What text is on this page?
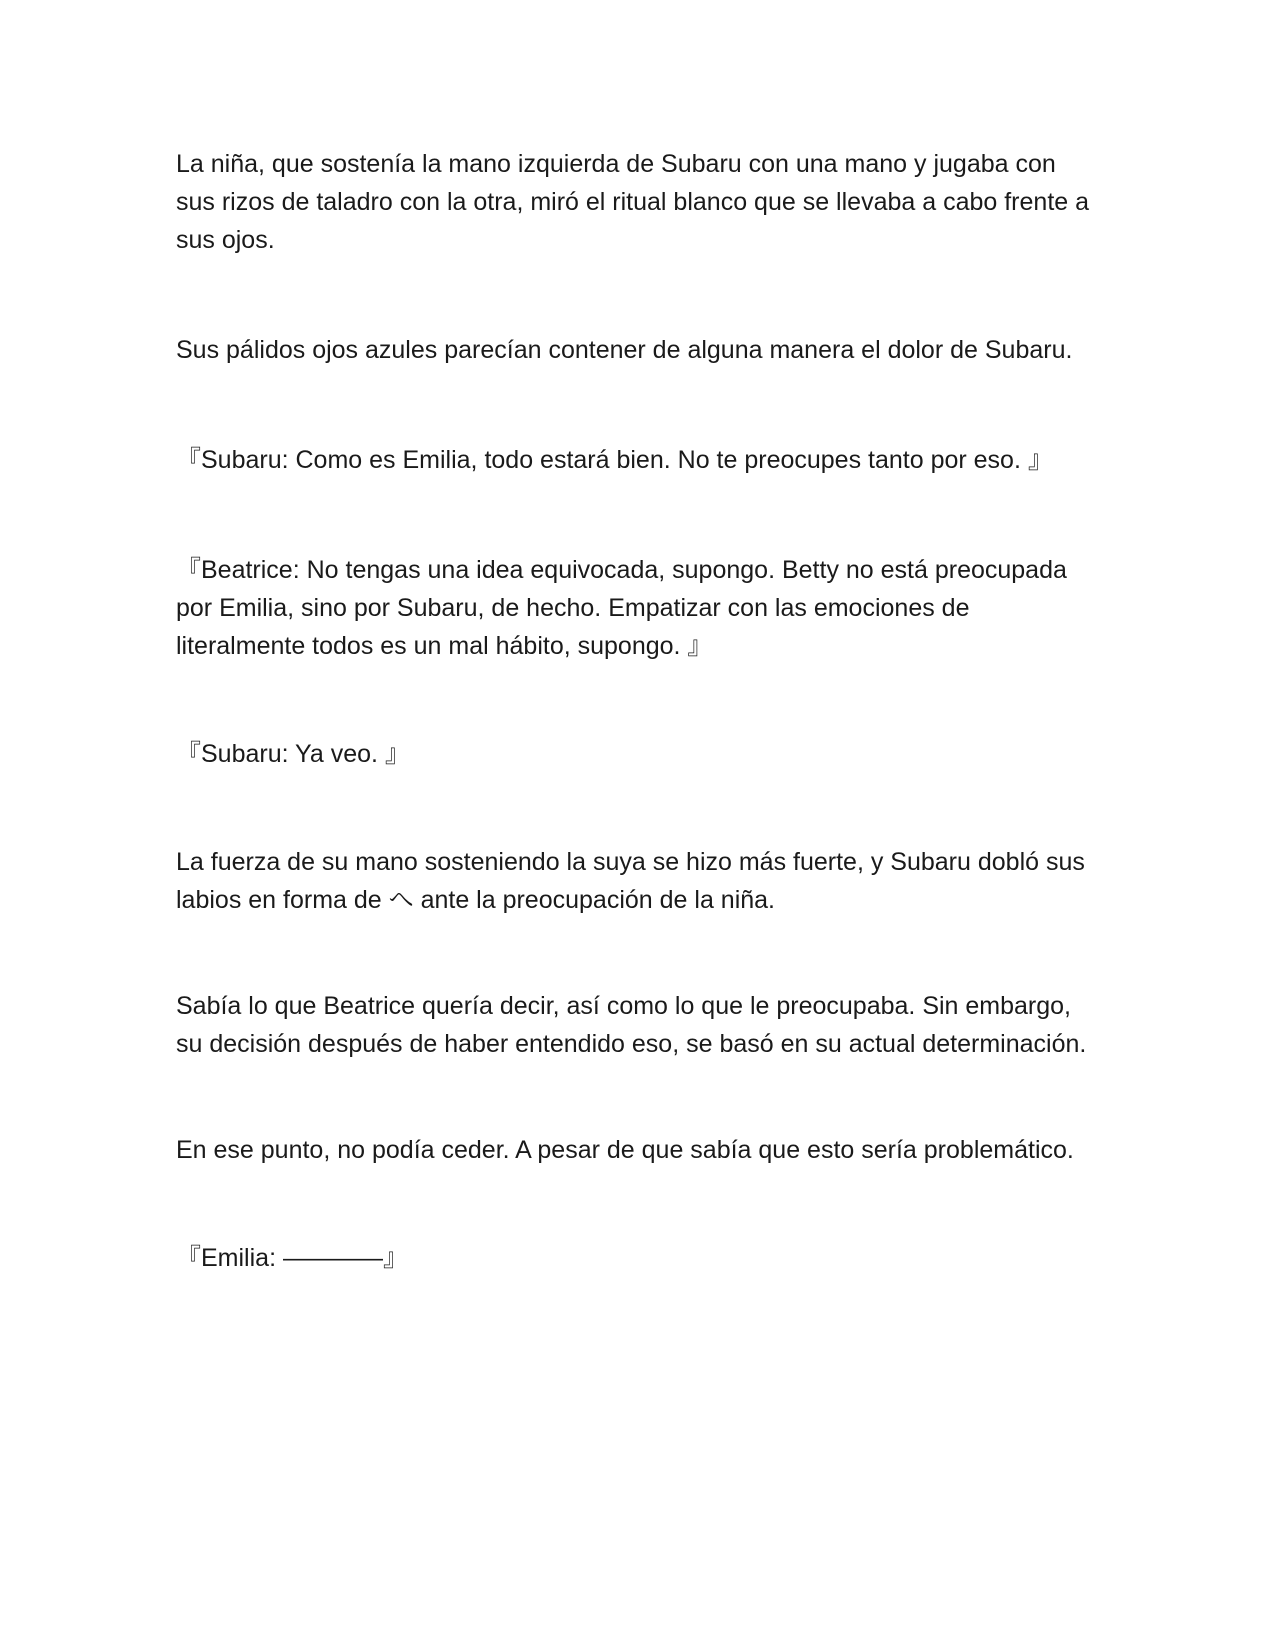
La niña, que sostenía la mano izquierda de Subaru con una mano y jugaba con sus rizos de taladro con la otra, miró el ritual blanco que se llevaba a cabo frente a sus ojos.

Sus pálidos ojos azules parecían contener de alguna manera el dolor de Subaru.

『Subaru: Como es Emilia, todo estará bien. No te preocupes tanto por eso. 』

『Beatrice: No tengas una idea equivocada, supongo. Betty no está preocupada por Emilia, sino por Subaru, de hecho. Empatizar con las emociones de literalmente todos es un mal hábito, supongo. 』

『Subaru: Ya veo. 』

La fuerza de su mano sosteniendo la suya se hizo más fuerte, y Subaru dobló sus labios en forma de へ ante la preocupación de la niña.

Sabía lo que Beatrice quería decir, así como lo que le preocupaba. Sin embargo, su decisión después de haber entendido eso, se basó en su actual determinación.

En ese punto, no podía ceder. A pesar de que sabía que esto sería problemático.

『Emilia: ————』
